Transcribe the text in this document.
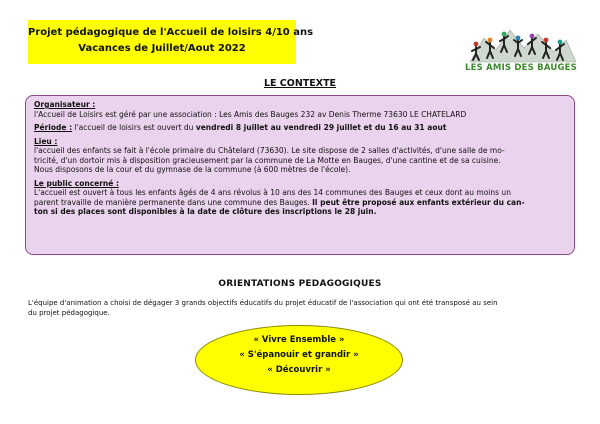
Projet pédagogique de l'Accueil de loisirs 4/10 ans
Vacances de Juillet/Aout 2022
LES AMIS DES BAUGES
LE CONTEXTE
Organisateur :
l'Accueil de Loisirs est géré par une association : Les Amis des Bauges 232 av Denis Therme 73630 LE CHATELARD
Période : l'accueil de loisirs est ouvert du vendredi 8 juillet au vendredi 29 juillet et du 16 au 31 aout
Lieu :
l'accueil des enfants se fait à l'école primaire du Châtelard (73630). Le site dispose de 2 salles d'activités, d'une salle de mo-
tricité, d'un dortoir mis à disposition gracieusement par la commune de La Motte en Bauges, d'une cantine et de sa cuisine.
Nous disposons de la cour et du gymnase de la commune (à 600 mètres de l'école).
Le public concerné :
L'accueil est ouvert à tous les enfants âgés de 4 ans révolus à 10 ans des 14 communes des Bauges et ceux dont au moins un
parent travaille de manière permanente dans une commune des Bauges. Il peut être proposé aux enfants extérieur du can-
ton si des places sont disponibles à la date de clôture des inscriptions le 28 juin.
ORIENTATIONS PEDAGOGIQUES
L'équipe d'animation a choisi de dégager 3 grands objectifs éducatifs du projet éducatif de l'association qui ont été transposé au sein
du projet pédagogique.
« Vivre Ensemble »
« S'épanouir et grandir »
« Découvrir »
